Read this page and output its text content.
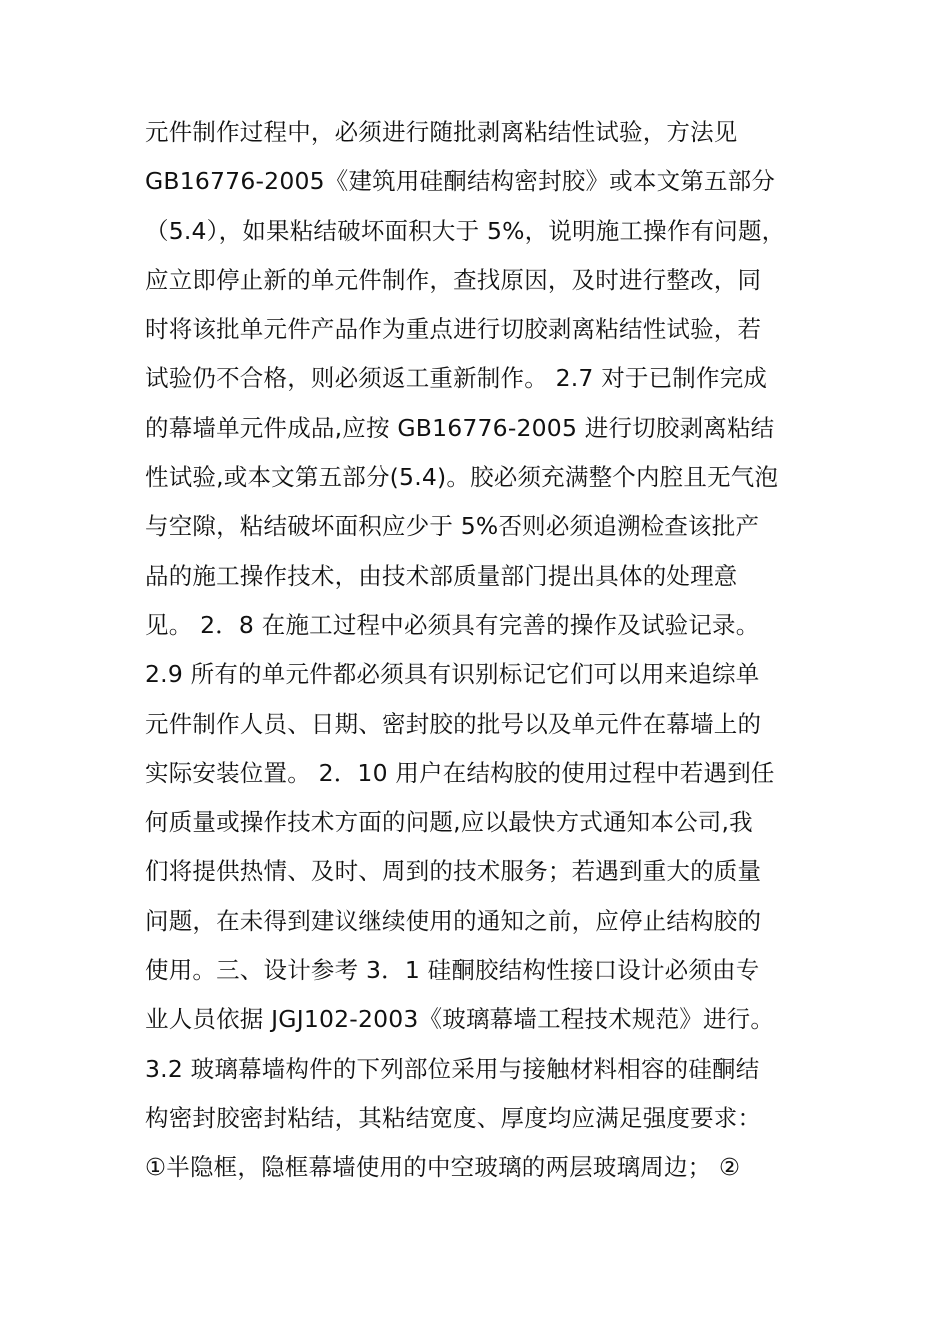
元件制作过程中，必须进行随批剥离粘结性试验，方法见
GB16776-2005《建筑用硅酮结构密封胶》或本文第五部分
（5.4），如果粘结破坏面积大于 5%，说明施工操作有问题，
应立即停止新的单元件制作，查找原因，及时进行整改，同
时将该批单元件产品作为重点进行切胶剥离粘结性试验，若
试验仍不合格，则必须返工重新制作。 2.7 对于已制作完成
的幕墙单元件成品,应按 GB16776-2005 进行切胶剥离粘结
性试验,或本文第五部分(5.4)。胶必须充满整个内腔且无气泡
与空隙，粘结破坏面积应少于 5%否则必须追溯检查该批产
品的施工操作技术，由技术部质量部门提出具体的处理意
见。 2．8 在施工过程中必须具有完善的操作及试验记录。
2.9 所有的单元件都必须具有识别标记它们可以用来追综单
元件制作人员、日期、密封胶的批号以及单元件在幕墙上的
实际安装位置。 2．10 用户在结构胶的使用过程中若遇到任
何质量或操作技术方面的问题,应以最快方式通知本公司,我
们将提供热情、及时、周到的技术服务；若遇到重大的质量
问题，在未得到建议继续使用的通知之前，应停止结构胶的
使用。三、设计参考 3．1 硅酮胶结构性接口设计必须由专
业人员依据 JGJ102-2003《玻璃幕墙工程技术规范》进行。
3.2 玻璃幕墙构件的下列部位采用与接触材料相容的硅酮结
构密封胶密封粘结，其粘结宽度、厚度均应满足强度要求：
①半隐框，隐框幕墙使用的中空玻璃的两层玻璃周边； ②
